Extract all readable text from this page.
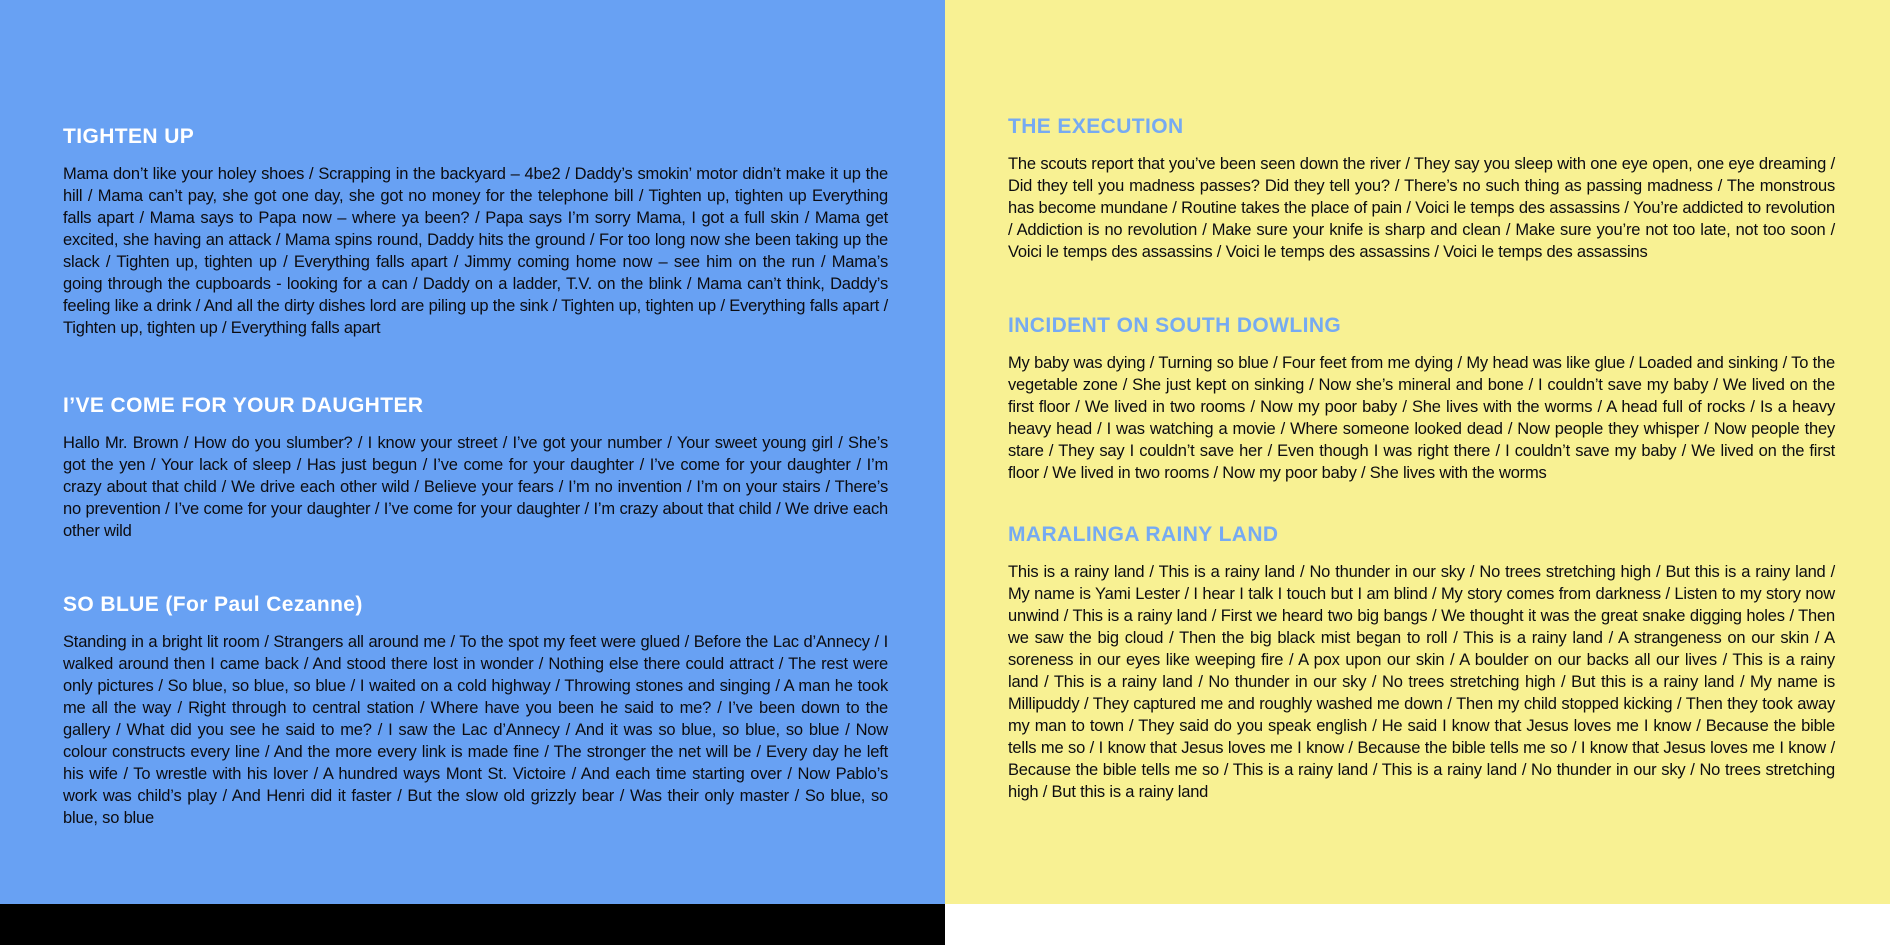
TIGHTEN UP

Mama don’t like your holey shoes / Scrapping in the backyard – 4be2 / Daddy’s smokin’ motor didn’t make it up the hill / Mama can’t pay, she got one day, she got no money for the telephone bill / Tighten up, tighten up Everything falls apart / Mama says to Papa now – where ya been? / Papa says I’m sorry Mama, I got a full skin / Mama get excited, she having an attack / Mama spins round, Daddy hits the ground / For too long now she been taking up the slack / Tighten up, tighten up / Everything falls apart / Jimmy coming home now – see him on the run / Mama’s going through the cupboards - looking for a can / Daddy on a ladder, T.V. on the blink / Mama can’t think, Daddy’s feeling like a drink / And all the dirty dishes lord are piling up the sink / Tighten up, tighten up / Everything falls apart / Tighten up, tighten up / Everything falls apart

I’VE COME FOR YOUR DAUGHTER

Hallo Mr. Brown / How do you slumber? / I know your street / I’ve got your number / Your sweet young girl / She’s got the yen / Your lack of sleep / Has just begun / I’ve come for your daughter / I’ve come for your daughter / I’m crazy about that child / We drive each other wild / Believe your fears / I’m no invention / I’m on your stairs / There’s no prevention / I’ve come for your daughter / I’ve come for your daughter / I’m crazy about that child / We drive each other wild

SO BLUE (For Paul Cezanne)

Standing in a bright lit room / Strangers all around me / To the spot my feet were glued / Before the Lac d’Annecy / I walked around then I came back / And stood there lost in wonder / Nothing else there could attract / The rest were only pictures / So blue, so blue, so blue / I waited on a cold highway / Throwing stones and singing / A man he took me all the way / Right through to central station / Where have you been he said to me? / I’ve been down to the gallery / What did you see he said to me? / I saw the Lac d’Annecy / And it was so blue, so blue, so blue / Now colour constructs every line / And the more every link is made fine / The stronger the net will be / Every day he left his wife / To wrestle with his lover / A hundred ways Mont St. Victoire / And each time starting over / Now Pablo’s work was child’s play / And Henri did it faster / But the slow old grizzly bear / Was their only master / So blue, so blue, so blue

THE EXECUTION

The scouts report that you’ve been seen down the river / They say you sleep with one eye open, one eye dreaming / Did they tell you madness passes? Did they tell you? / There’s no such thing as passing madness / The monstrous has become mundane / Routine takes the place of pain / Voici le temps des assassins / You’re addicted to revolution / Addiction is no revolution / Make sure your knife is sharp and clean / Make sure you’re not too late, not too soon / Voici le temps des assassins / Voici le temps des assassins / Voici le temps des assassins

INCIDENT ON SOUTH DOWLING

My baby was dying / Turning so blue / Four feet from me dying / My head was like glue / Loaded and sinking / To the vegetable zone / She just kept on sinking / Now she’s mineral and bone / I couldn’t save my baby / We lived on the first floor / We lived in two rooms / Now my poor baby / She lives with the worms / A head full of rocks / Is a heavy heavy head / I was watching a movie / Where someone looked dead / Now people they whisper / Now people they stare / They say I couldn’t save her / Even though I was right there / I couldn’t save my baby / We lived on the first floor / We lived in two rooms / Now my poor baby / She lives with the worms

MARALINGA RAINY LAND

This is a rainy land / This is a rainy land / No thunder in our sky / No trees stretching high / But this is a rainy land / My name is Yami Lester / I hear I talk I touch but I am blind / My story comes from darkness / Listen to my story now unwind / This is a rainy land / First we heard two big bangs / We thought it was the great snake digging holes / Then we saw the big cloud / Then the big black mist began to roll / This is a rainy land / A strangeness on our skin / A soreness in our eyes like weeping fire / A pox upon our skin / A boulder on our backs all our lives / This is a rainy land / This is a rainy land / No thunder in our sky / No trees stretching high / But this is a rainy land / My name is Millipuddy / They captured me and roughly washed me down / Then my child stopped kicking / Then they took away my man to town / They said do you speak english / He said I know that Jesus loves me I know / Because the bible tells me so / I know that Jesus loves me I know / Because the bible tells me so / I know that Jesus loves me I know / Because the bible tells me so / This is a rainy land / This is a rainy land / No thunder in our sky / No trees stretching high / But this is a rainy land
